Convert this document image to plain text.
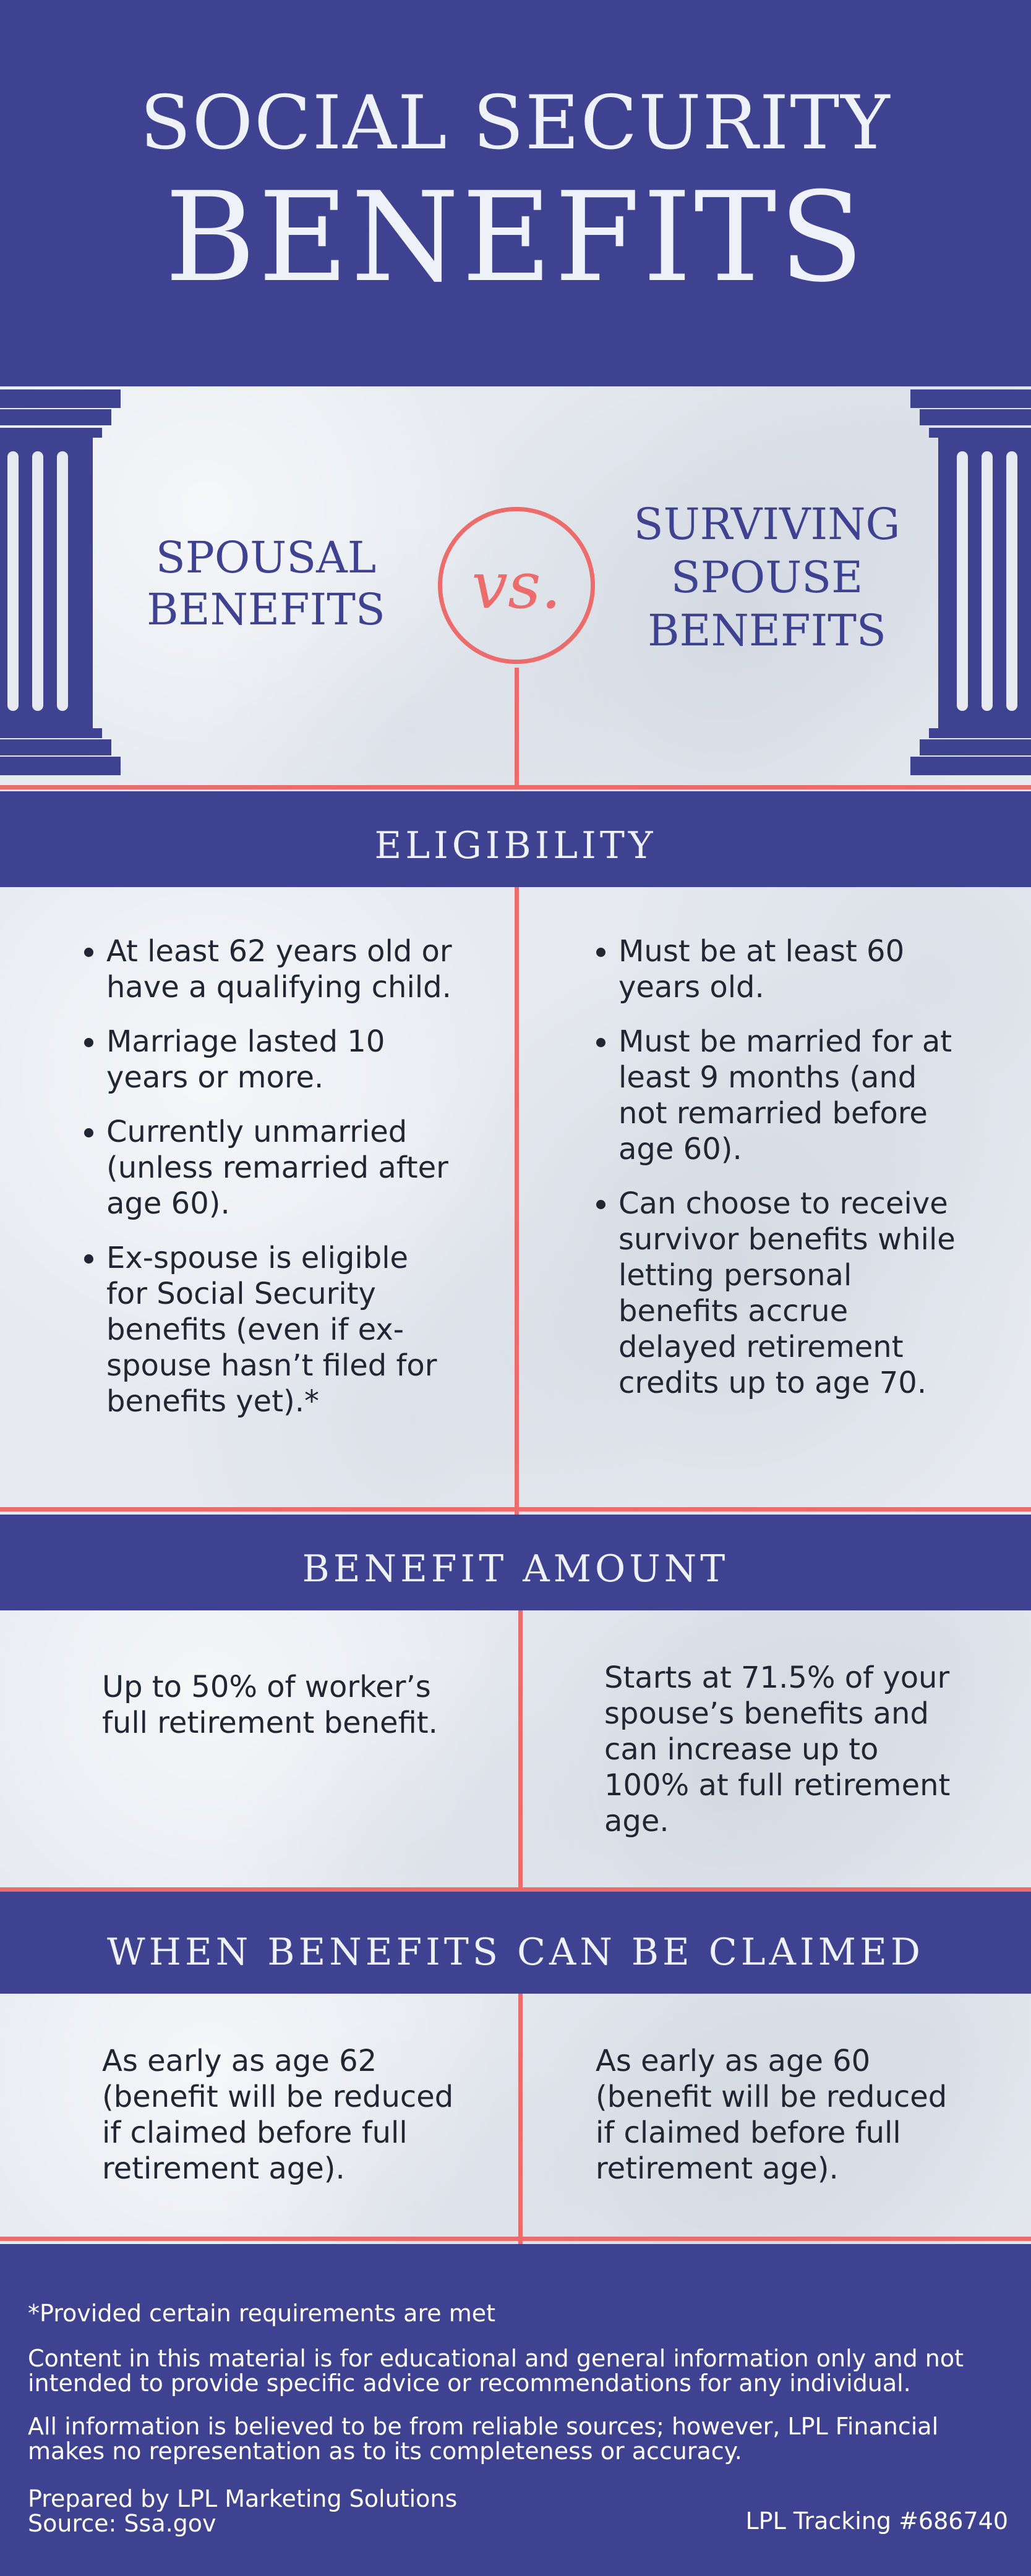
SOCIAL SECURITY
BENEFITS
SPOUSAL
BENEFITS
SURVIVING
SPOUSE
BENEFITS
vs.
ELIGIBILITY
• At least 62 years old or have a qualifying child.
• Marriage lasted 10 years or more.
• Currently unmarried (unless remarried after age 60).
• Ex-spouse is eligible for Social Security benefits (even if ex-spouse hasn’t filed for benefits yet).*
• Must be at least 60 years old.
• Must be married for at least 9 months (and not remarried before age 60).
• Can choose to receive survivor benefits while letting personal benefits accrue delayed retirement credits up to age 70.
BENEFIT AMOUNT
Up to 50% of worker’s full retirement benefit.
Starts at 71.5% of your spouse’s benefits and can increase up to 100% at full retirement age.
WHEN BENEFITS CAN BE CLAIMED
As early as age 62 (benefit will be reduced if claimed before full retirement age).
As early as age 60 (benefit will be reduced if claimed before full retirement age).
*Provided certain requirements are met
Content in this material is for educational and general information only and not intended to provide specific advice or recommendations for any individual.
All information is believed to be from reliable sources; however, LPL Financial makes no representation as to its completeness or accuracy.
Prepared by LPL Marketing Solutions
Source: Ssa.gov	LPL Tracking #686740
